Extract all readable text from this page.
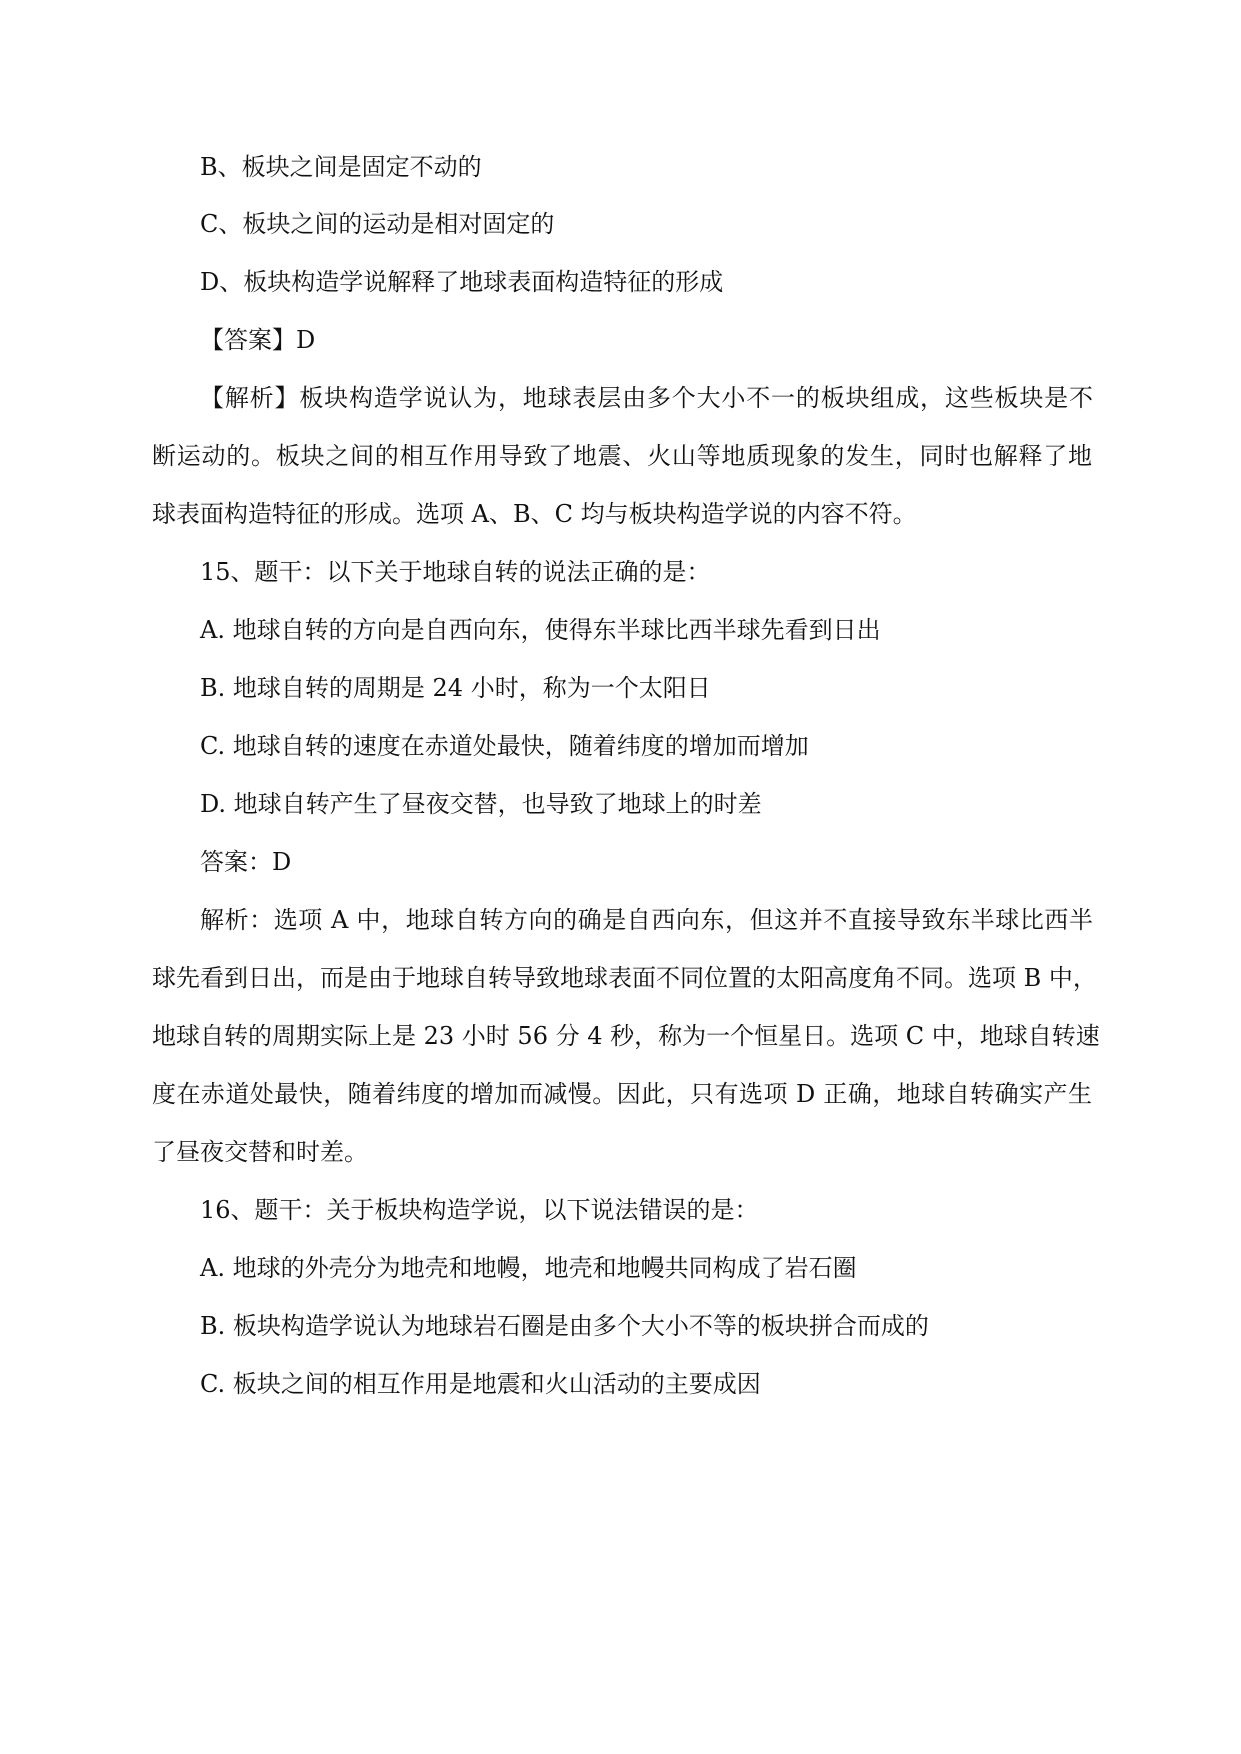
B、板块之间是固定不动的
C、板块之间的运动是相对固定的
D、板块构造学说解释了地球表面构造特征的形成
【答案】D
【解析】板块构造学说认为，地球表层由多个大小不一的板块组成，这些板块是不
断运动的。板块之间的相互作用导致了地震、火山等地质现象的发生，同时也解释了地
球表面构造特征的形成。选项 A、B、C 均与板块构造学说的内容不符。
15、题干：以下关于地球自转的说法正确的是：
A. 地球自转的方向是自西向东，使得东半球比西半球先看到日出
B. 地球自转的周期是 24 小时，称为一个太阳日
C. 地球自转的速度在赤道处最快，随着纬度的增加而增加
D. 地球自转产生了昼夜交替，也导致了地球上的时差
答案：D
解析：选项 A 中，地球自转方向的确是自西向东，但这并不直接导致东半球比西半
球先看到日出，而是由于地球自转导致地球表面不同位置的太阳高度角不同。选项 B 中，
地球自转的周期实际上是 23 小时 56 分 4 秒，称为一个恒星日。选项 C 中，地球自转速
度在赤道处最快，随着纬度的增加而减慢。因此，只有选项 D 正确，地球自转确实产生
了昼夜交替和时差。
16、题干：关于板块构造学说，以下说法错误的是：
A. 地球的外壳分为地壳和地幔，地壳和地幔共同构成了岩石圈
B. 板块构造学说认为地球岩石圈是由多个大小不等的板块拼合而成的
C. 板块之间的相互作用是地震和火山活动的主要成因
